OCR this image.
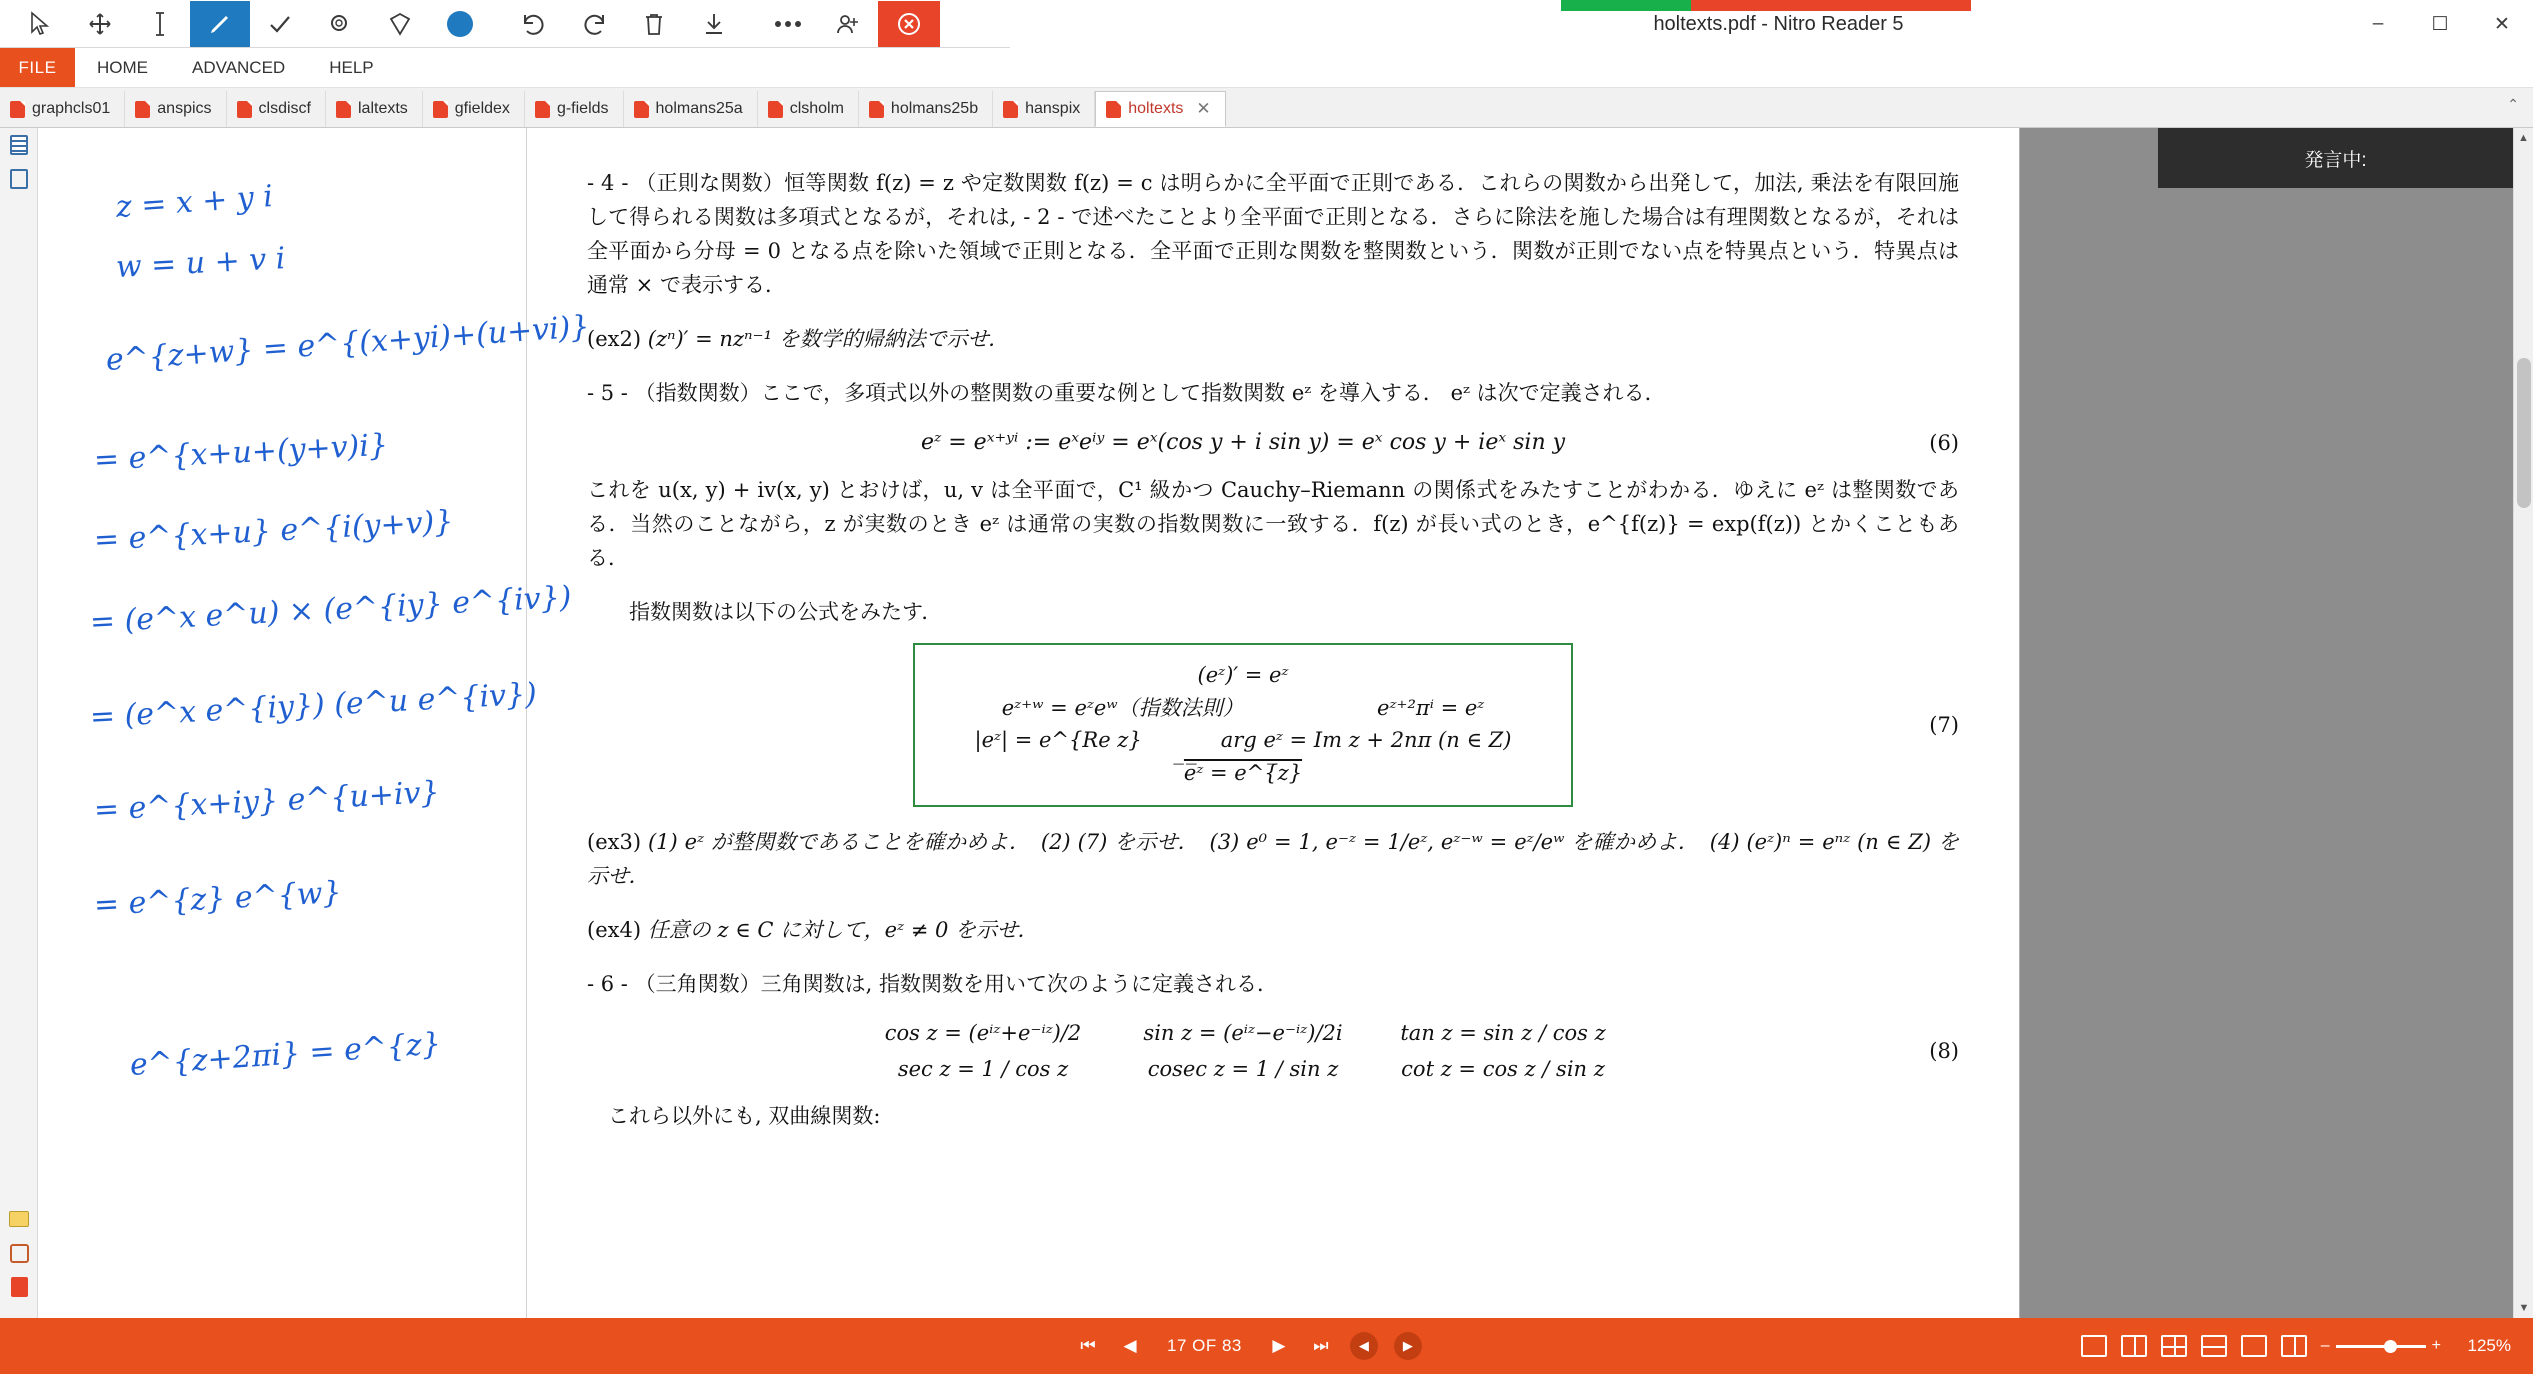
holtexts.pdf - Nitro Reader 5	–	☐	✕
FILE	HOME	ADVANCED	HELP
⌃
graphcls01	anspics	clsdiscf	laltexts	gfieldex	g-fields	holmans25a	clsholm	holmans25b	hanspix	holtexts ✕
z = x + y i
w = u + v i
e^{z+w} = e^{(x+yi)+(u+vi)}
= e^{x+u+(y+v)i}
= e^{x+u} e^{i(y+v)}
= (e^x e^u) × (e^{iy} e^{iv})
= (e^x e^{iy}) (e^u e^{iv})
= e^{x+iy} e^{u+iv}
= e^{z} e^{w}
e^{z+2πi} = e^{z}

- 4 - （正則な関数）恒等関数 f(z) = z や定数関数 f(z) = c は明らかに全平面で正則である．これらの関数から出発して，加法, 乗法を有限回施して得られる関数は多項式となるが，それは, - 2 - で述べたことより全平面で正則となる．さらに除法を施した場合は有理関数となるが，それは全平面から分母 = 0 となる点を除いた領域で正則となる．全平面で正則な関数を整関数という．関数が正則でない点を特異点という．特異点は通常 × で表示する．

(ex2) (zⁿ)′ = nzⁿ⁻¹ を数学的帰納法で示せ．

- 5 - （指数関数）ここで，多項式以外の整関数の重要な例として指数関数 eᶻ を導入する． eᶻ は次で定義される．

eᶻ = eˣ⁺ʸⁱ := eˣeⁱʸ = eˣ(cos y + i sin y) = eˣ cos y + ieˣ sin y	(6)

これを u(x, y) + iv(x, y) とおけば，u, v は全平面で，C¹ 級かつ Cauchy–Riemann の関係式をみたすことがわかる．ゆえに eᶻ は整関数である．当然のことながら，z が実数のとき eᶻ は通常の実数の指数関数に一致する．f(z) が長い式のとき，e^{f(z)} = exp(f(z)) とかくこともある．

指数関数は以下の公式をみたす．

(eᶻ)′ = eᶻ
eᶻ⁺ʷ = eᶻeʷ（指数法則）	eᶻ⁺²πⁱ = eᶻ
|eᶻ| = e^{Re z}	arg eᶻ = Im z + 2nπ (n ∈ Z)
̅e̅ᶻ = e^{̅z}
(7)

(ex3) (1) eᶻ が整関数であることを確かめよ．　(2) (7) を示せ．　(3) e⁰ = 1, e⁻ᶻ = 1/eᶻ, eᶻ⁻ʷ = eᶻ/eʷ を確かめよ．　(4) (eᶻ)ⁿ = eⁿᶻ (n ∈ Z) を示せ．

(ex4) 任意の z ∈ C に対して，eᶻ ≠ 0 を示せ．

- 6 - （三角関数）三角関数は, 指数関数を用いて次のように定義される．

cos z = (eⁱᶻ+e⁻ⁱᶻ)/2	sin z = (eⁱᶻ−e⁻ⁱᶻ)/2i	tan z = sin z / cos z
sec z = 1 / cos z	cosec z = 1 / sin z	cot z = cos z / sin z
(8)

これら以外にも, 双曲線関数:

発言中:
▲
▼
⏮	◀	17 OF 83	▶	⏭	◀	▶	–	+	125%
